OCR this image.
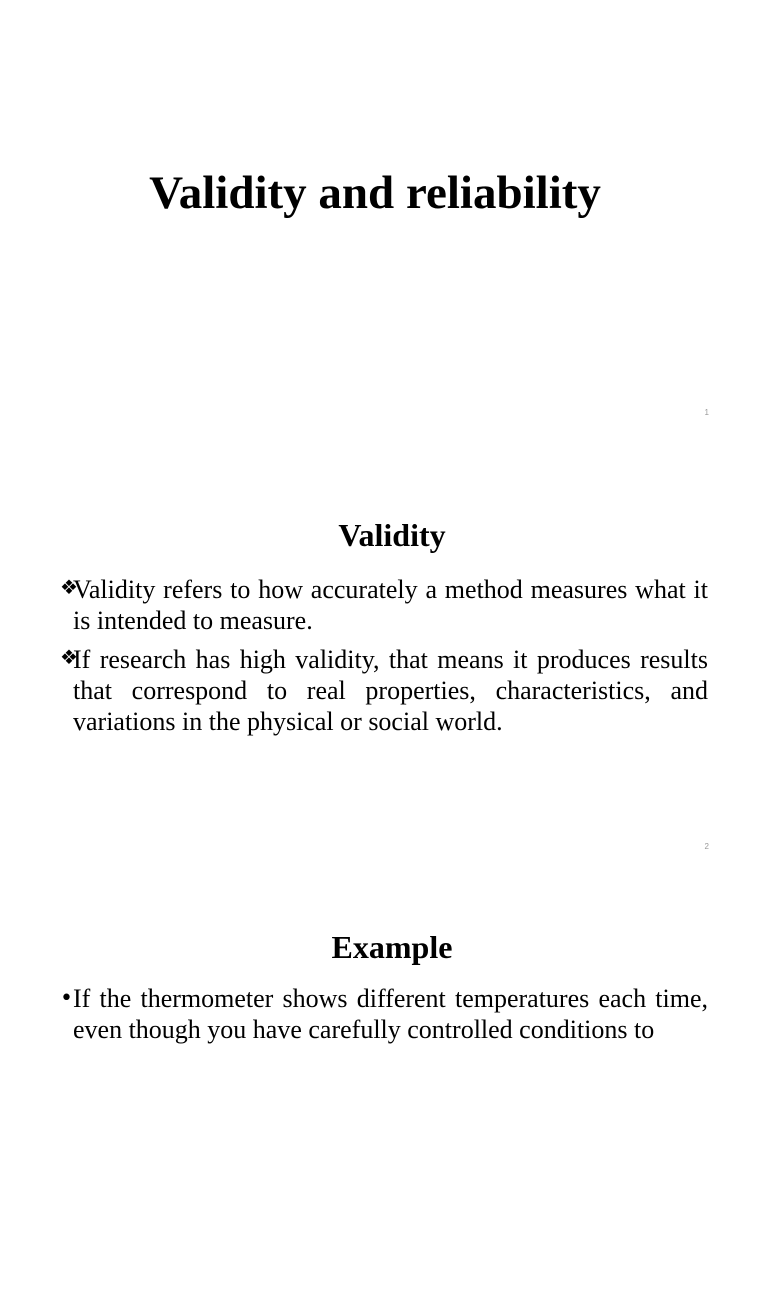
Validity and reliability
1
Validity
❖
Validity refers to how accurately a method measures what it is intended to measure.
❖
If research has high validity, that means it produces results that correspond to real properties, characteristics, and variations in the physical or social world.
2
Example
• If the thermometer shows different temperatures each time, even though you have carefully controlled conditions to
